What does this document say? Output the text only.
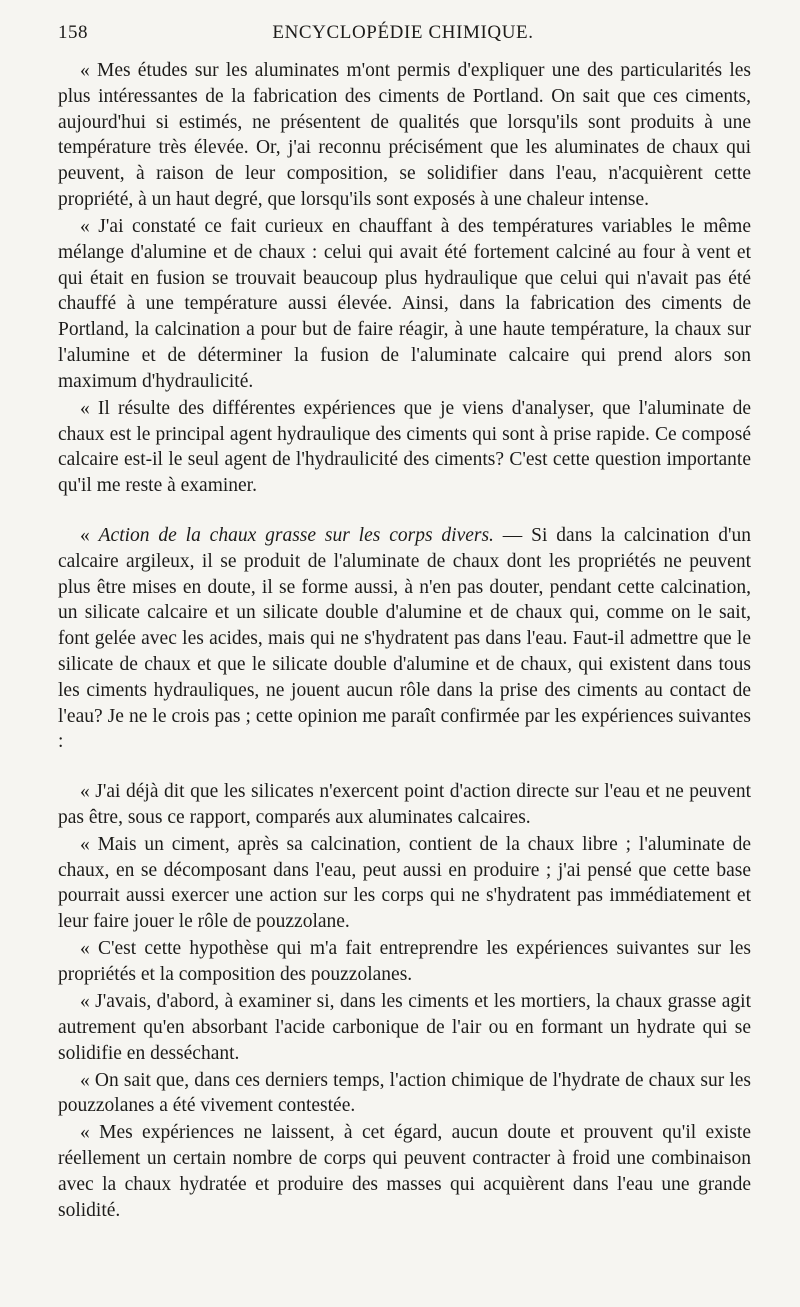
158	ENCYCLOPÉDIE CHIMIQUE.

« Mes études sur les aluminates m'ont permis d'expliquer une des particularités les plus intéressantes de la fabrication des ciments de Portland. On sait que ces ciments, aujourd'hui si estimés, ne présentent de qualités que lorsqu'ils sont produits à une température très élevée. Or, j'ai reconnu précisément que les aluminates de chaux qui peuvent, à raison de leur composition, se solidifier dans l'eau, n'acquièrent cette propriété, à un haut degré, que lorsqu'ils sont exposés à une chaleur intense.

« J'ai constaté ce fait curieux en chauffant à des températures variables le même mélange d'alumine et de chaux : celui qui avait été fortement calciné au four à vent et qui était en fusion se trouvait beaucoup plus hydraulique que celui qui n'avait pas été chauffé à une température aussi élevée. Ainsi, dans la fabrication des ciments de Portland, la calcination a pour but de faire réagir, à une haute température, la chaux sur l'alumine et de déterminer la fusion de l'aluminate calcaire qui prend alors son maximum d'hydraulicité.

« Il résulte des différentes expériences que je viens d'analyser, que l'aluminate de chaux est le principal agent hydraulique des ciments qui sont à prise rapide. Ce composé calcaire est-il le seul agent de l'hydraulicité des ciments? C'est cette question importante qu'il me reste à examiner.

« Action de la chaux grasse sur les corps divers. — Si dans la calcination d'un calcaire argileux, il se produit de l'aluminate de chaux dont les propriétés ne peuvent plus être mises en doute, il se forme aussi, à n'en pas douter, pendant cette calcination, un silicate calcaire et un silicate double d'alumine et de chaux qui, comme on le sait, font gelée avec les acides, mais qui ne s'hydratent pas dans l'eau. Faut-il admettre que le silicate de chaux et que le silicate double d'alumine et de chaux, qui existent dans tous les ciments hydrauliques, ne jouent aucun rôle dans la prise des ciments au contact de l'eau? Je ne le crois pas ; cette opinion me paraît confirmée par les expériences suivantes :

« J'ai déjà dit que les silicates n'exercent point d'action directe sur l'eau et ne peuvent pas être, sous ce rapport, comparés aux aluminates calcaires.

« Mais un ciment, après sa calcination, contient de la chaux libre ; l'aluminate de chaux, en se décomposant dans l'eau, peut aussi en produire ; j'ai pensé que cette base pourrait aussi exercer une action sur les corps qui ne s'hydratent pas immédiatement et leur faire jouer le rôle de pouzzolane.

« C'est cette hypothèse qui m'a fait entreprendre les expériences suivantes sur les propriétés et la composition des pouzzolanes.

« J'avais, d'abord, à examiner si, dans les ciments et les mortiers, la chaux grasse agit autrement qu'en absorbant l'acide carbonique de l'air ou en formant un hydrate qui se solidifie en desséchant.

« On sait que, dans ces derniers temps, l'action chimique de l'hydrate de chaux sur les pouzzolanes a été vivement contestée.

« Mes expériences ne laissent, à cet égard, aucun doute et prouvent qu'il existe réellement un certain nombre de corps qui peuvent contracter à froid une combinaison avec la chaux hydratée et produire des masses qui acquièrent dans l'eau une grande solidité.
